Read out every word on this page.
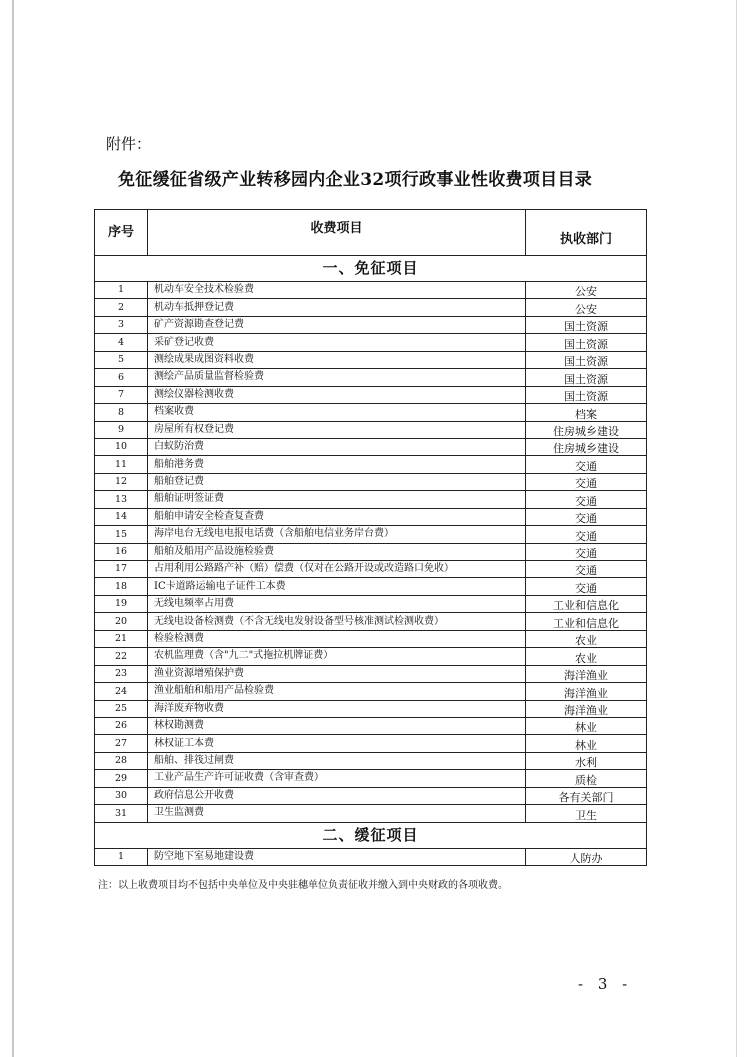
附件：
免征缓征省级产业转移园内企业32项行政事业性收费项目目录
序号	收费项目	执收部门
一、免征项目		
1	机动车安全技术检验费	公安
2	机动车抵押登记费	公安
3	矿产资源勘查登记费	国土资源
4	采矿登记收费	国土资源
5	测绘成果成图资料收费	国土资源
6	测绘产品质量监督检验费	国土资源
7	测绘仪器检测收费	国土资源
8	档案收费	档案
9	房屋所有权登记费	住房城乡建设
10	白蚁防治费	住房城乡建设
11	船舶港务费	交通
12	船舶登记费	交通
13	船舶证明签证费	交通
14	船舶申请安全检查复查费	交通
15	海岸电台无线电电报电话费（含船舶电信业务岸台费）	交通
16	船舶及船用产品设施检验费	交通
17	占用利用公路路产补（赔）偿费（仅对在公路开设或改造路口免收）	交通
18	IC卡道路运输电子证件工本费	交通
19	无线电频率占用费	工业和信息化
20	无线电设备检测费（不含无线电发射设备型号核准测试检测收费）	工业和信息化
21	检验检测费	农业
22	农机监理费（含"九二"式拖拉机牌证费）	农业
23	渔业资源增殖保护费	海洋渔业
24	渔业船舶和船用产品检验费	海洋渔业
25	海洋废弃物收费	海洋渔业
26	林权勘测费	林业
27	林权证工本费	林业
28	船舶、排筏过闸费	水利
29	工业产品生产许可证收费（含审查费）	质检
30	政府信息公开收费	各有关部门
31	卫生监测费	卫生
二、缓征项目		
1	防空地下室易地建设费	人防办
注：以上收费项目均不包括中央单位及中央驻穗单位负责征收并缴入到中央财政的各项收费。
- 3 -
